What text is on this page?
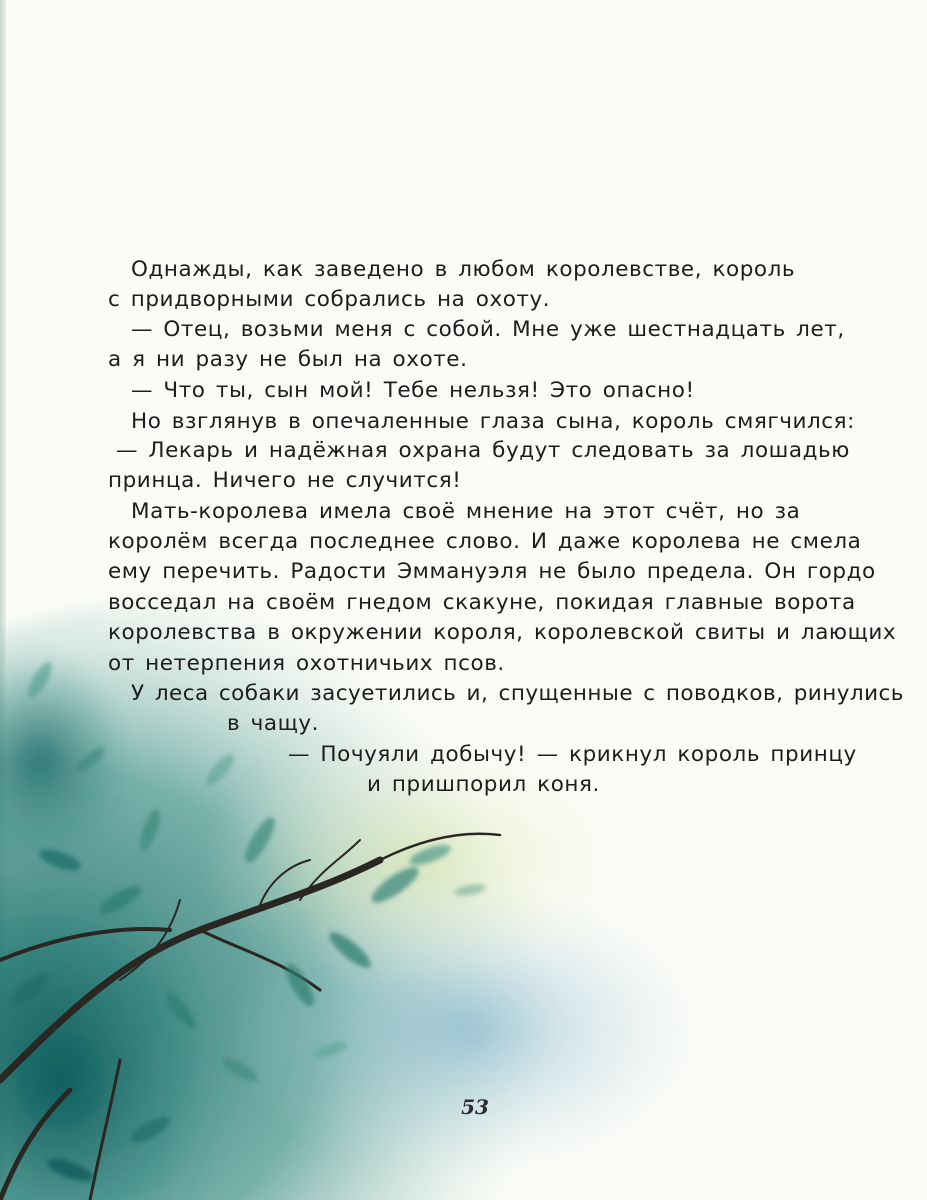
Однажды, как заведено в любом королевстве, король
с придворными собрались на охоту.
— Отец, возьми меня с собой. Мне уже шестнадцать лет,
а я ни разу не был на охоте.
— Что ты, сын мой! Тебе нельзя! Это опасно!
Но взглянув в опечаленные глаза сына, король смягчился:
— Лекарь и надёжная охрана будут следовать за лошадью
принца. Ничего не случится!
Мать-королева имела своё мнение на этот счёт, но за
королём всегда последнее слово. И даже королева не смела
ему перечить. Радости Эммануэля не было предела. Он гордо
восседал на своём гнедом скакуне, покидая главные ворота
королевства в окружении короля, королевской свиты и лающих
от нетерпения охотничьих псов.
У леса собаки засуетились и, спущенные с поводков, ринулись
в чащу.
— Почуяли добычу! — крикнул король принцу
и пришпорил коня.
53
